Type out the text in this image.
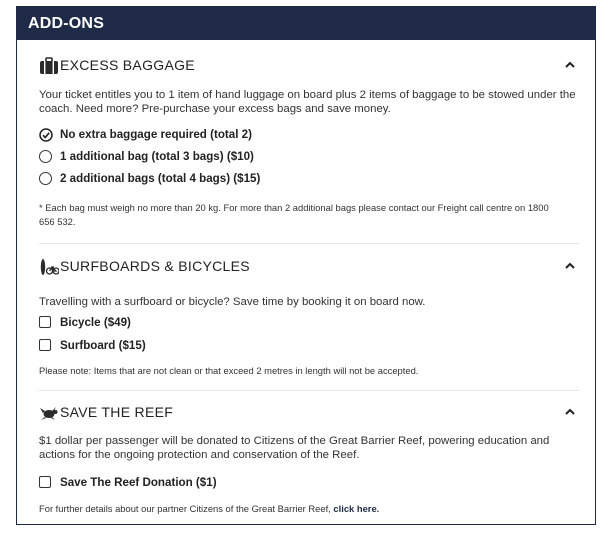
ADD-ONS
EXCESS BAGGAGE
Your ticket entitles you to 1 item of hand luggage on board plus 2 items of baggage to be stowed under the coach. Need more? Pre-purchase your excess bags and save money.
No extra baggage required (total 2)
1 additional bag (total 3 bags) ($10)
2 additional bags (total 4 bags) ($15)
* Each bag must weigh no more than 20 kg. For more than 2 additional bags please contact our Freight call centre on 1800 656 532.
SURFBOARDS & BICYCLES
Travelling with a surfboard or bicycle? Save time by booking it on board now.
Bicycle ($49)
Surfboard ($15)
Please note: Items that are not clean or that exceed 2 metres in length will not be accepted.
SAVE THE REEF
$1 dollar per passenger will be donated to Citizens of the Great Barrier Reef, powering education and actions for the ongoing protection and conservation of the Reef.
Save The Reef Donation ($1)
For further details about our partner Citizens of the Great Barrier Reef, click here.
